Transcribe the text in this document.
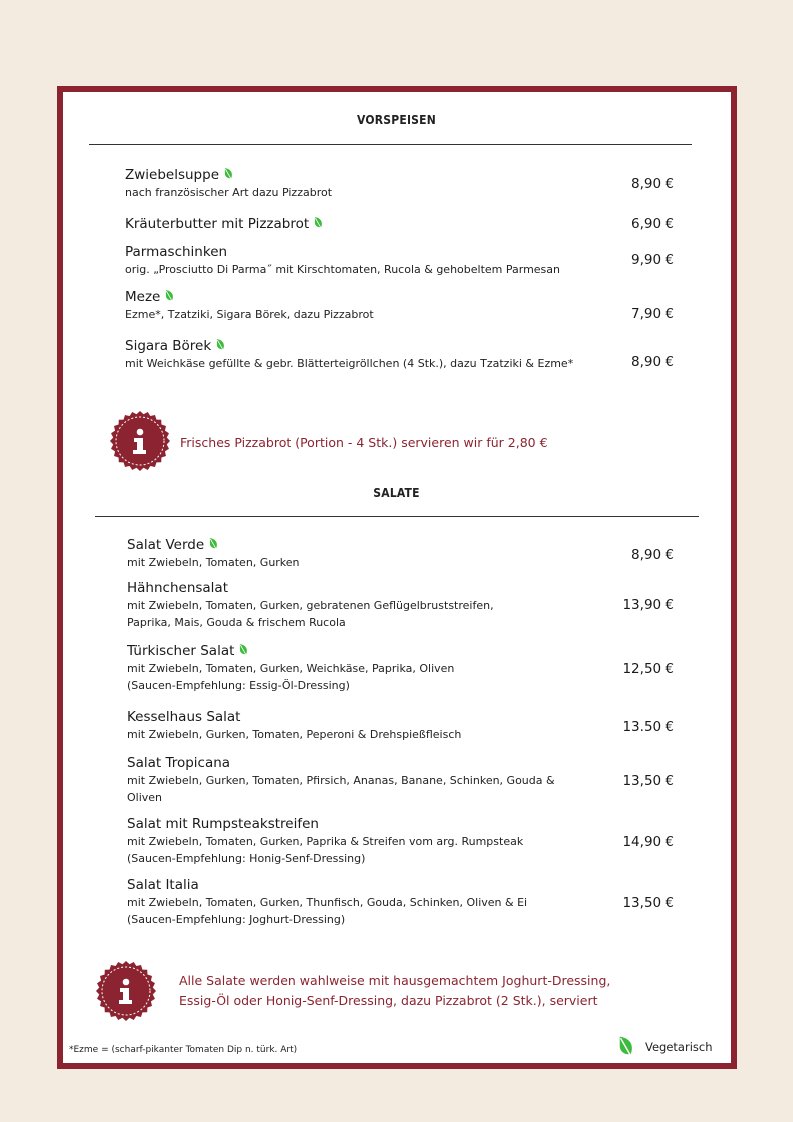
VORSPEISEN
Zwiebelsuppe
nach französischer Art dazu Pizzabrot
8,90 €
Kräuterbutter mit Pizzabrot	6,90 €
Parmaschinken
orig. „Prosciutto Di Parma˝ mit Kirschtomaten, Rucola & gehobeltem Parmesan
9,90 €
Meze
Ezme*, Tzatziki, Sigara Börek, dazu Pizzabrot	7,90 €
Sigara Börek
mit Weichkäse gefüllte & gebr. Blätterteigröllchen (4 Stk.), dazu Tzatziki & Ezme*	8,90 €
SALATE
Salat Verde
mit Zwiebeln, Tomaten, Gurken	8,90 €
Hähnchensalat
mit Zwiebeln, Tomaten, Gurken, gebratenen Geflügelbruststreifen,
Paprika, Mais, Gouda & frischem Rucola
13,90 €
Türkischer Salat
mit Zwiebeln, Tomaten, Gurken, Weichkäse, Paprika, Oliven
(Saucen-Empfehlung: Essig-Öl-Dressing)
12,50 €
Kesselhaus Salat
mit Zwiebeln, Gurken, Tomaten, Peperoni & Drehspießfleisch	13.50 €
Salat Tropicana
mit Zwiebeln, Gurken, Tomaten, Pfirsich, Ananas, Banane, Schinken, Gouda &
Oliven
13,50 €
Salat mit Rumpsteakstreifen
mit Zwiebeln, Tomaten, Gurken, Paprika & Streifen vom arg. Rumpsteak
(Saucen-Empfehlung: Honig-Senf-Dressing)
14,90 €
Salat Italia
mit Zwiebeln, Tomaten, Gurken, Thunfisch, Gouda, Schinken, Oliven & Ei
(Saucen-Empfehlung: Joghurt-Dressing)
13,50 €
Frisches Pizzabrot (Portion - 4 Stk.) servieren wir für 2,80 €
Alle Salate werden wahlweise mit hausgemachtem Joghurt-Dressing,
Essig-Öl oder Honig-Senf-Dressing, dazu Pizzabrot (2 Stk.), serviert
*Ezme = (scharf-pikanter Tomaten Dip n. türk. Art)	Vegetarisch
